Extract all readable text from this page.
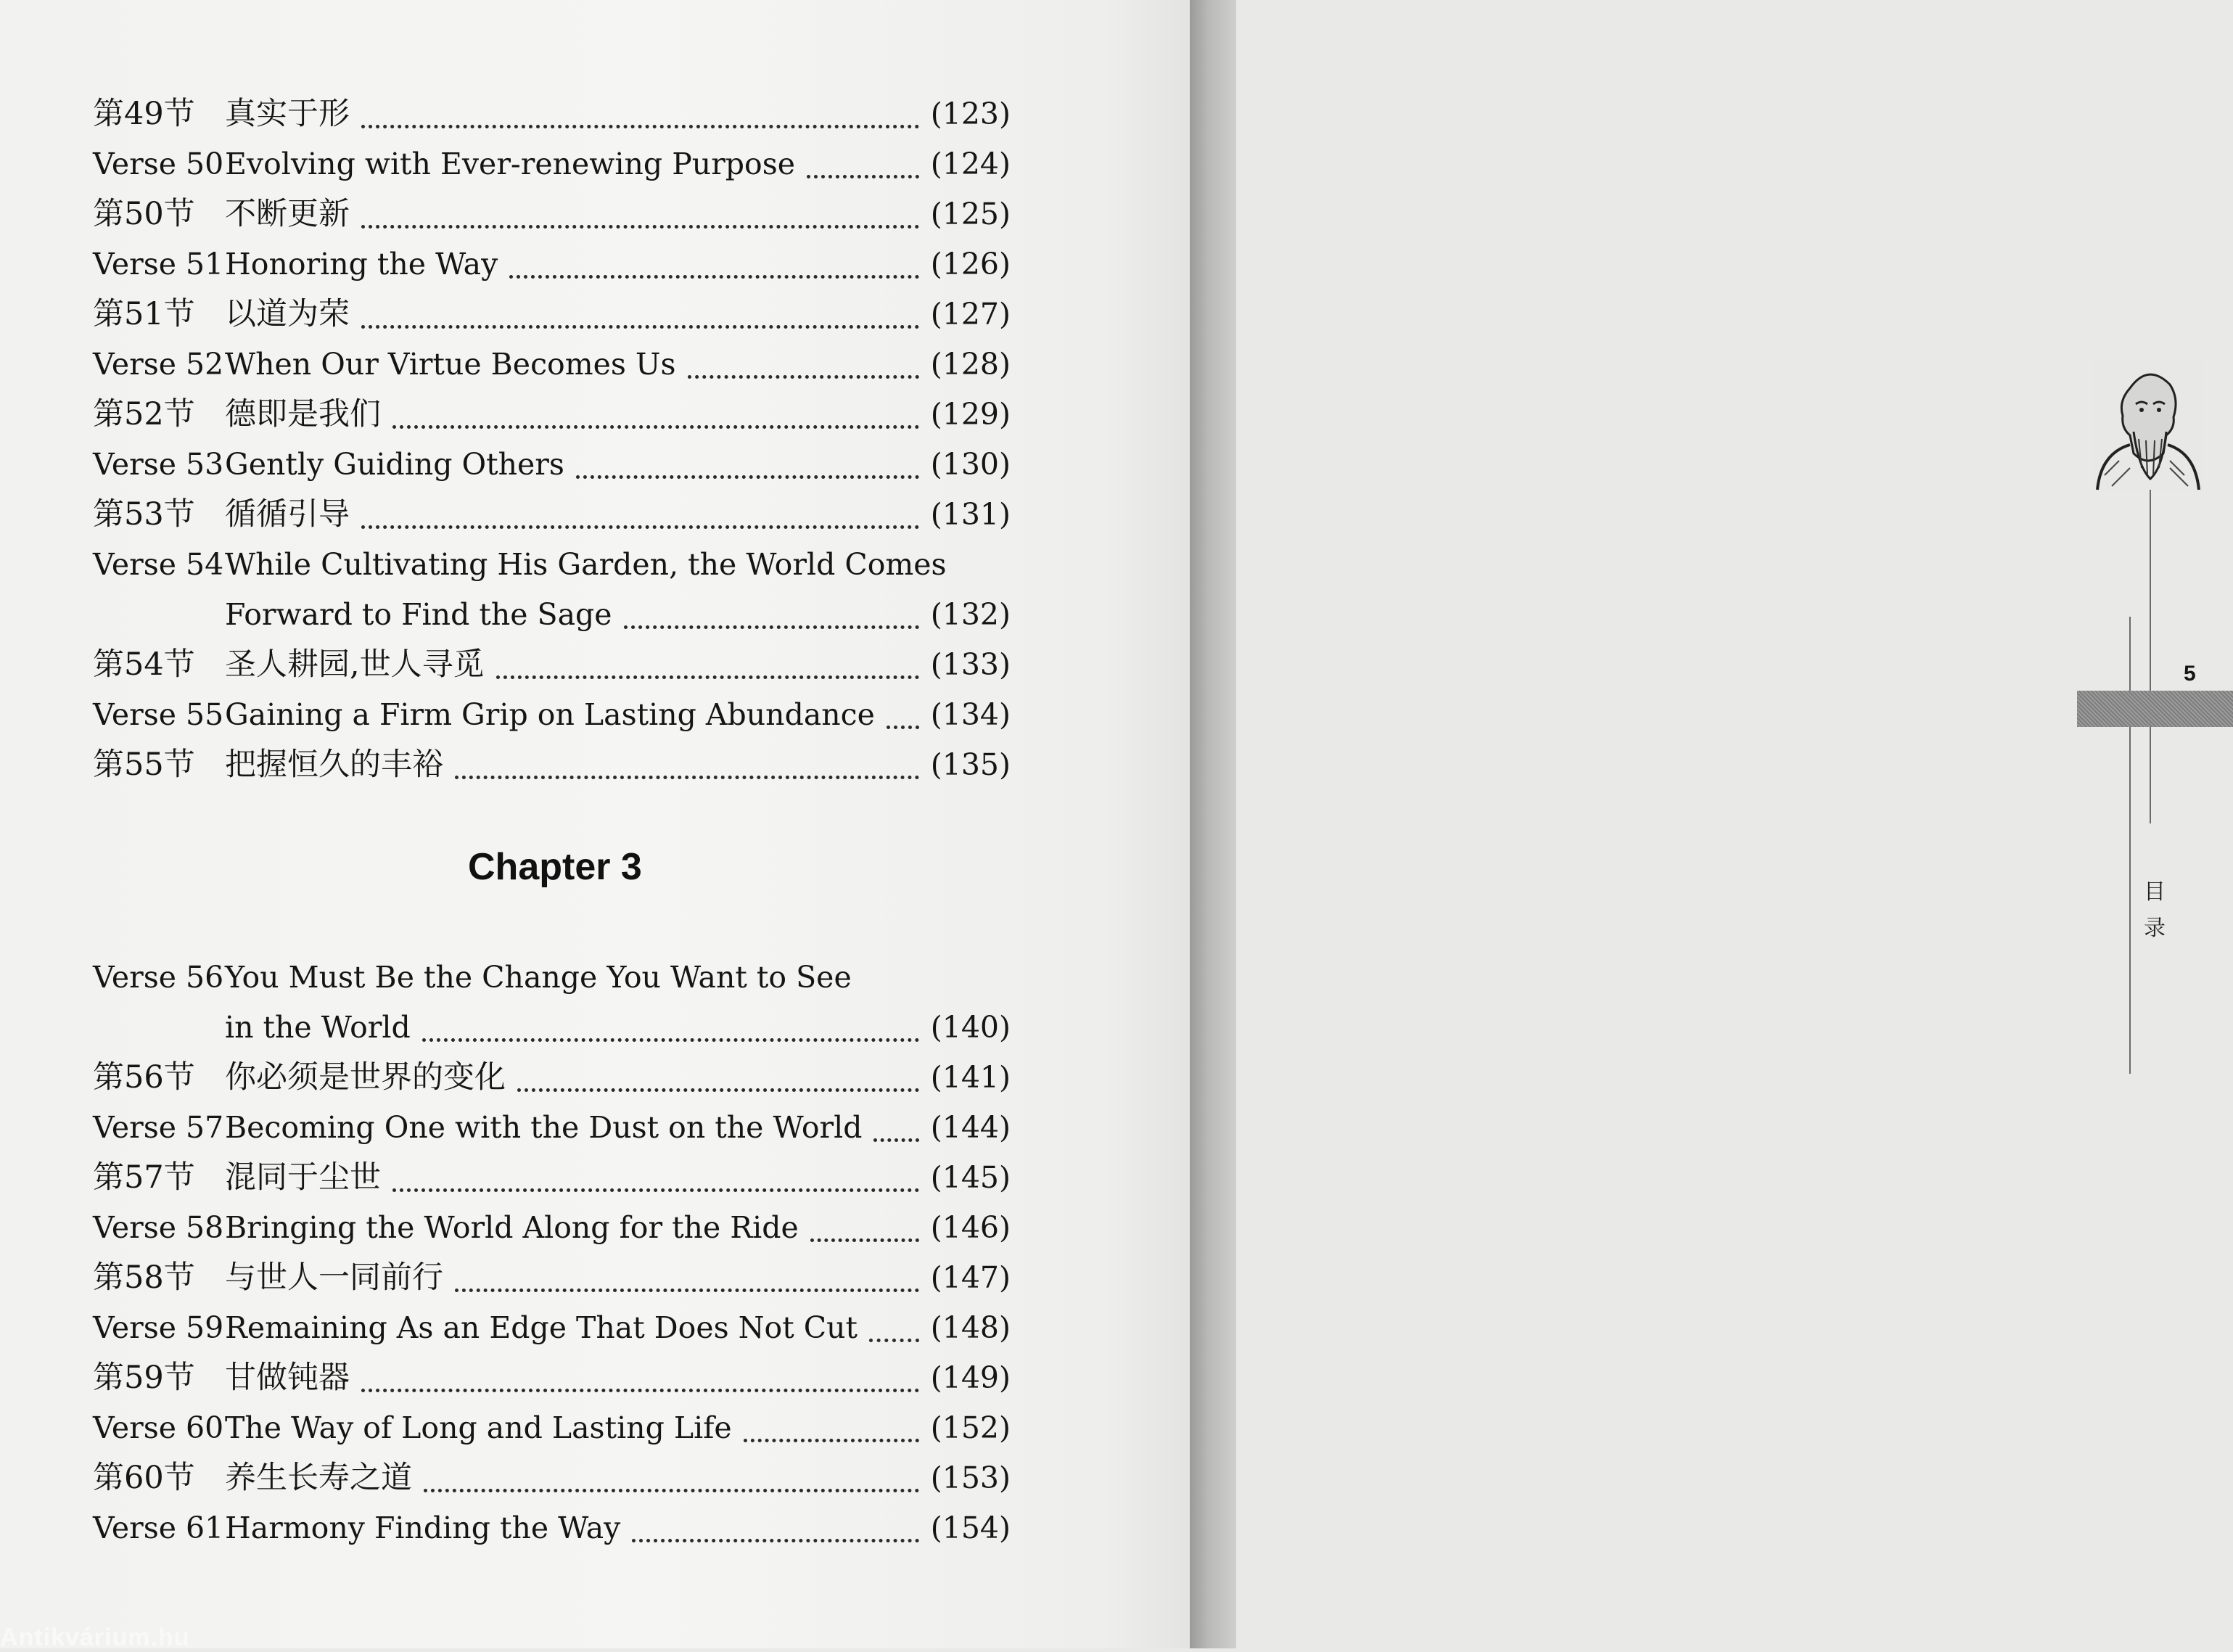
Chapter 3
第49节 真实于形	(123)
Verse 50 Evolving with Ever-renewing Purpose	(124)
第50节 不断更新	(125)
Verse 51 Honoring the Way	(126)
第51节 以道为荣	(127)
Verse 52 When Our Virtue Becomes Us	(128)
第52节 德即是我们	(129)
Verse 53 Gently Guiding Others	(130)
第53节 循循引导	(131)
Verse 54 While Cultivating His Garden, the World Comes
Forward to Find the Sage	(132)
第54节 圣人耕园,世人寻觅	(133)
Verse 55 Gaining a Firm Grip on Lasting Abundance (134)
第55节 把握恒久的丰裕	(135)
Verse 56 You Must Be the Change You Want to See
in the World	(140)
第56节 你必须是世界的变化	(141)
Verse 57 Becoming One with the Dust on the World (144)
第57节 混同于尘世	(145)
Verse 58 Bringing the World Along for the Ride	(146)
第58节 与世人一同前行	(147)
Verse 59 Remaining As an Edge That Does Not Cut (148)
第59节 甘做钝器	(149)
Verse 60 The Way of Long and Lasting Life	(152)
第60节 养生长寿之道	(153)
Verse 61 Harmony Finding the Way	(154)
5
目
录
Antikvárium.hu
